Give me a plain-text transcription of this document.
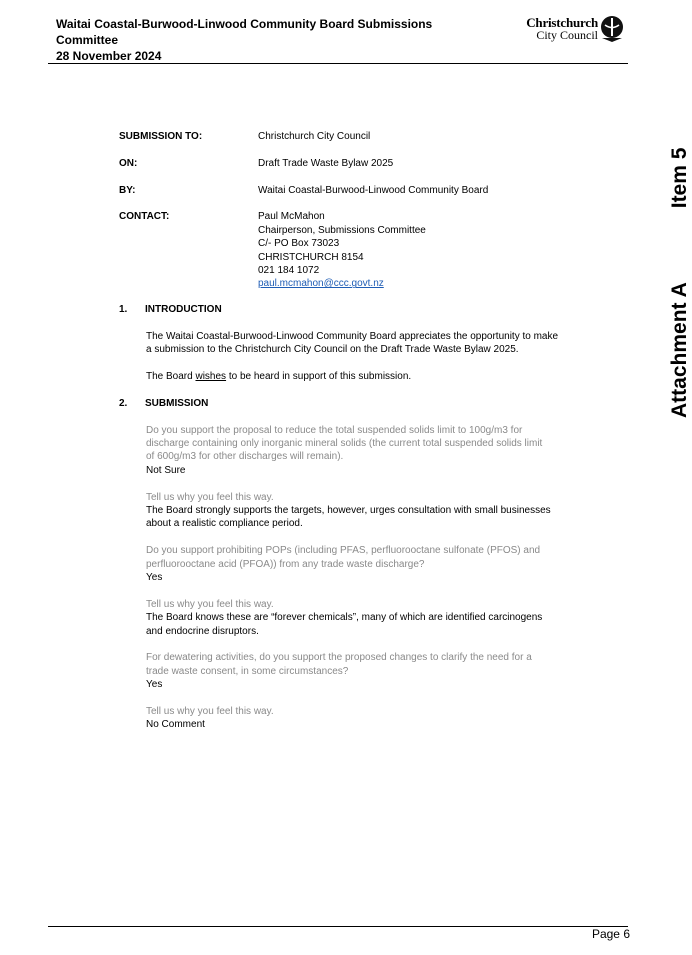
Waitai Coastal-Burwood-Linwood Community Board Submissions
Committee
28 November 2024
Christchurch
City Council
Attachment AItem 5
SUBMISSION TO:	Christchurch City Council
ON:	Draft Trade Waste Bylaw 2025
BY:	Waitai Coastal-Burwood-Linwood Community Board
CONTACT:	Paul McMahon
Chairperson, Submissions Committee
C/- PO Box 73023
CHRISTCHURCH 8154
021 184 1072
paul.mcmahon@ccc.govt.nz
1.	INTRODUCTION
The Waitai Coastal-Burwood-Linwood Community Board appreciates the opportunity to make
a submission to the Christchurch City Council on the Draft Trade Waste Bylaw 2025.
The Board wishes to be heard in support of this submission.
2.	SUBMISSION
Do you support the proposal to reduce the total suspended solids limit to 100g/m3 for
discharge containing only inorganic mineral solids (the current total suspended solids limit
of 600g/m3 for other discharges will remain).
Not Sure
Tell us why you feel this way.
The Board strongly supports the targets, however, urges consultation with small businesses
about a realistic compliance period.
Do you support prohibiting POPs (including PFAS, perfluorooctane sulfonate (PFOS) and
perfluorooctane acid (PFOA)) from any trade waste discharge?
Yes
Tell us why you feel this way.
The Board knows these are “forever chemicals”, many of which are identified carcinogens
and endocrine disruptors.
For dewatering activities, do you support the proposed changes to clarify the need for a
trade waste consent, in some circumstances?
Yes
Tell us why you feel this way.
No Comment
Page 6
